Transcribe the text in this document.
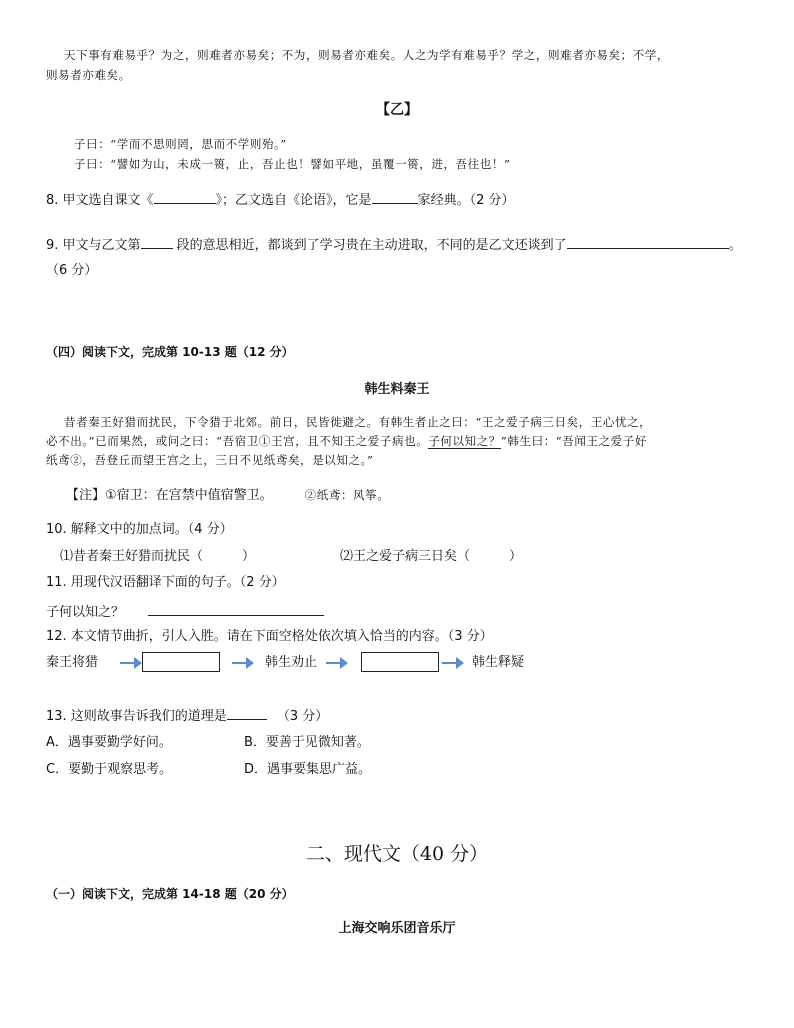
天下事有难易乎？为之，则难者亦易矣；不为，则易者亦难矣。人之为学有难易乎？学之，则难者亦易矣；不学，
则易者亦难矣。
【乙】
子曰：“学而不思则罔，思而不学则殆。”
子曰：“譬如为山，未成一篑，止，吾止也！譬如平地，虽覆一篑，进，吾往也！”
8. 甲文选自课文《	》；乙文选自《论语》，它是	家经典。（2 分）
9. 甲文与乙文第 段的意思相近，都谈到了学习贵在主动进取，不同的是乙文还谈到了	。
（6 分）
（四）阅读下文，完成第 10-13 题（12 分）
韩生料秦王
昔者秦王好猎而扰民，下令猎于北郊。前日，民皆徙避之。有韩生者止之曰：“王之爱子病三日矣，王心忧之，
必不出。”已而果然，或问之曰：“吾宿卫①王宫，且不知王之爱子病也。子何以知之？”韩生曰：“吾闻王之爱子好
纸鸢②，吾登丘而望王宫之上，三日不见纸鸢矣，是以知之。”
【注】①宿卫：在宫禁中值宿警卫。	②纸鸢：风筝。
10. 解释文中的加点词。（4 分）
⑴昔者秦王好猎而扰民（　　　）	⑵王之爱子病三日矣（　　　）
11. 用现代汉语翻译下面的句子。（2 分）
子何以知之？
12. 本文情节曲折，引人入胜。请在下面空格处依次填入恰当的内容。（3 分）
秦王将猎	韩生劝止	韩生释疑
13. 这则故事告诉我们的道理是	（3 分）
A．遇事要勤学好问。	B．要善于见微知著。
C．要勤于观察思考。	D．遇事要集思广益。
二、现代文（40 分）
（一）阅读下文，完成第 14-18 题（20 分）
上海交响乐团音乐厅
